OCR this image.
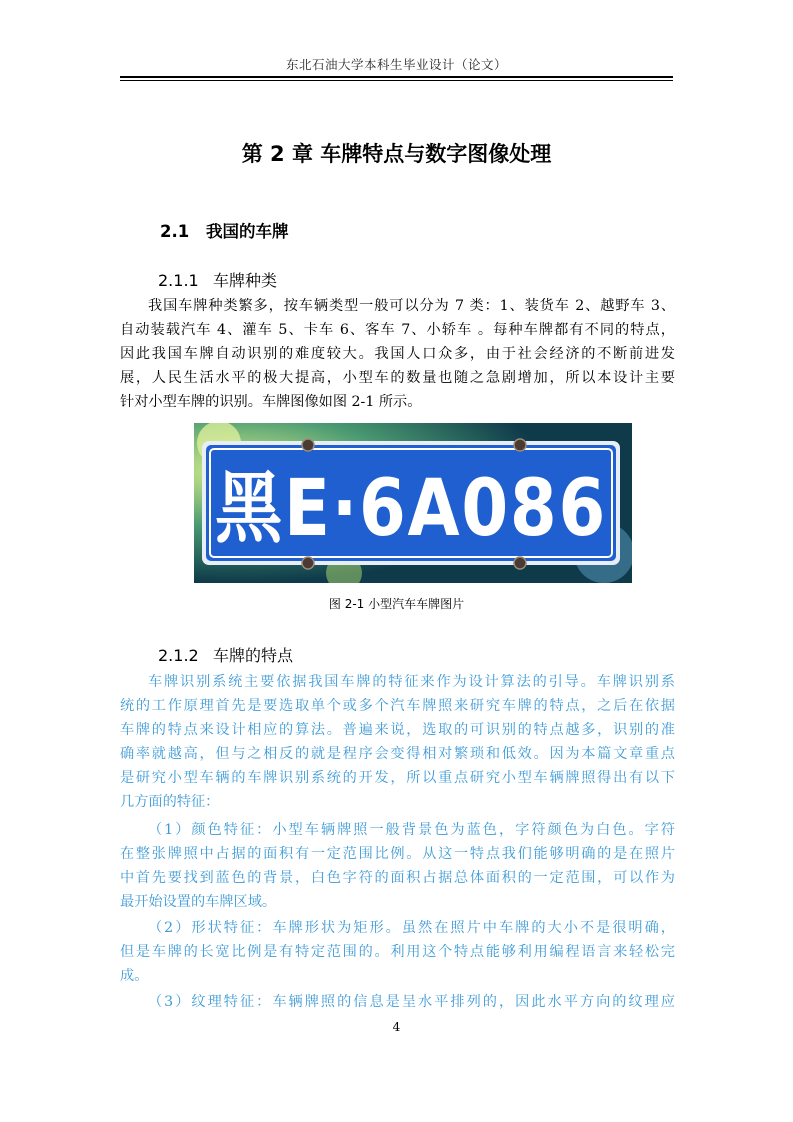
东北石油大学本科生毕业设计（论文）
第 2 章 车牌特点与数字图像处理
2.1 我国的车牌
2.1.1 车牌种类
我国车牌种类繁多，按车辆类型一般可以分为 7 类：1、装货车 2、越野车 3、
自动装载汽车 4、灌车 5、卡车 6、客车 7、小轿车 。每种车牌都有不同的特点，
因此我国车牌自动识别的难度较大。我国人口众多，由于社会经济的不断前进发
展，人民生活水平的极大提高，小型车的数量也随之急剧增加，所以本设计主要
针对小型车牌的识别。车牌图像如图 2-1 所示。
黑E·6A086
图 2-1 小型汽车车牌图片
2.1.2 车牌的特点
车牌识别系统主要依据我国车牌的特征来作为设计算法的引导。车牌识别系
统的工作原理首先是要选取单个或多个汽车牌照来研究车牌的特点，之后在依据
车牌的特点来设计相应的算法。普遍来说，选取的可识别的特点越多，识别的准
确率就越高，但与之相反的就是程序会变得相对繁琐和低效。因为本篇文章重点
是研究小型车辆的车牌识别系统的开发，所以重点研究小型车辆牌照得出有以下
几方面的特征：
（1）颜色特征：小型车辆牌照一般背景色为蓝色，字符颜色为白色。字符
在整张牌照中占据的面积有一定范围比例。从这一特点我们能够明确的是在照片
中首先要找到蓝色的背景，白色字符的面积占据总体面积的一定范围，可以作为
最开始设置的车牌区域。
（2）形状特征：车牌形状为矩形。虽然在照片中车牌的大小不是很明确，
但是车牌的长宽比例是有特定范围的。利用这个特点能够利用编程语言来轻松完
成。
（3）纹理特征：车辆牌照的信息是呈水平排列的，因此水平方向的纹理应
4
